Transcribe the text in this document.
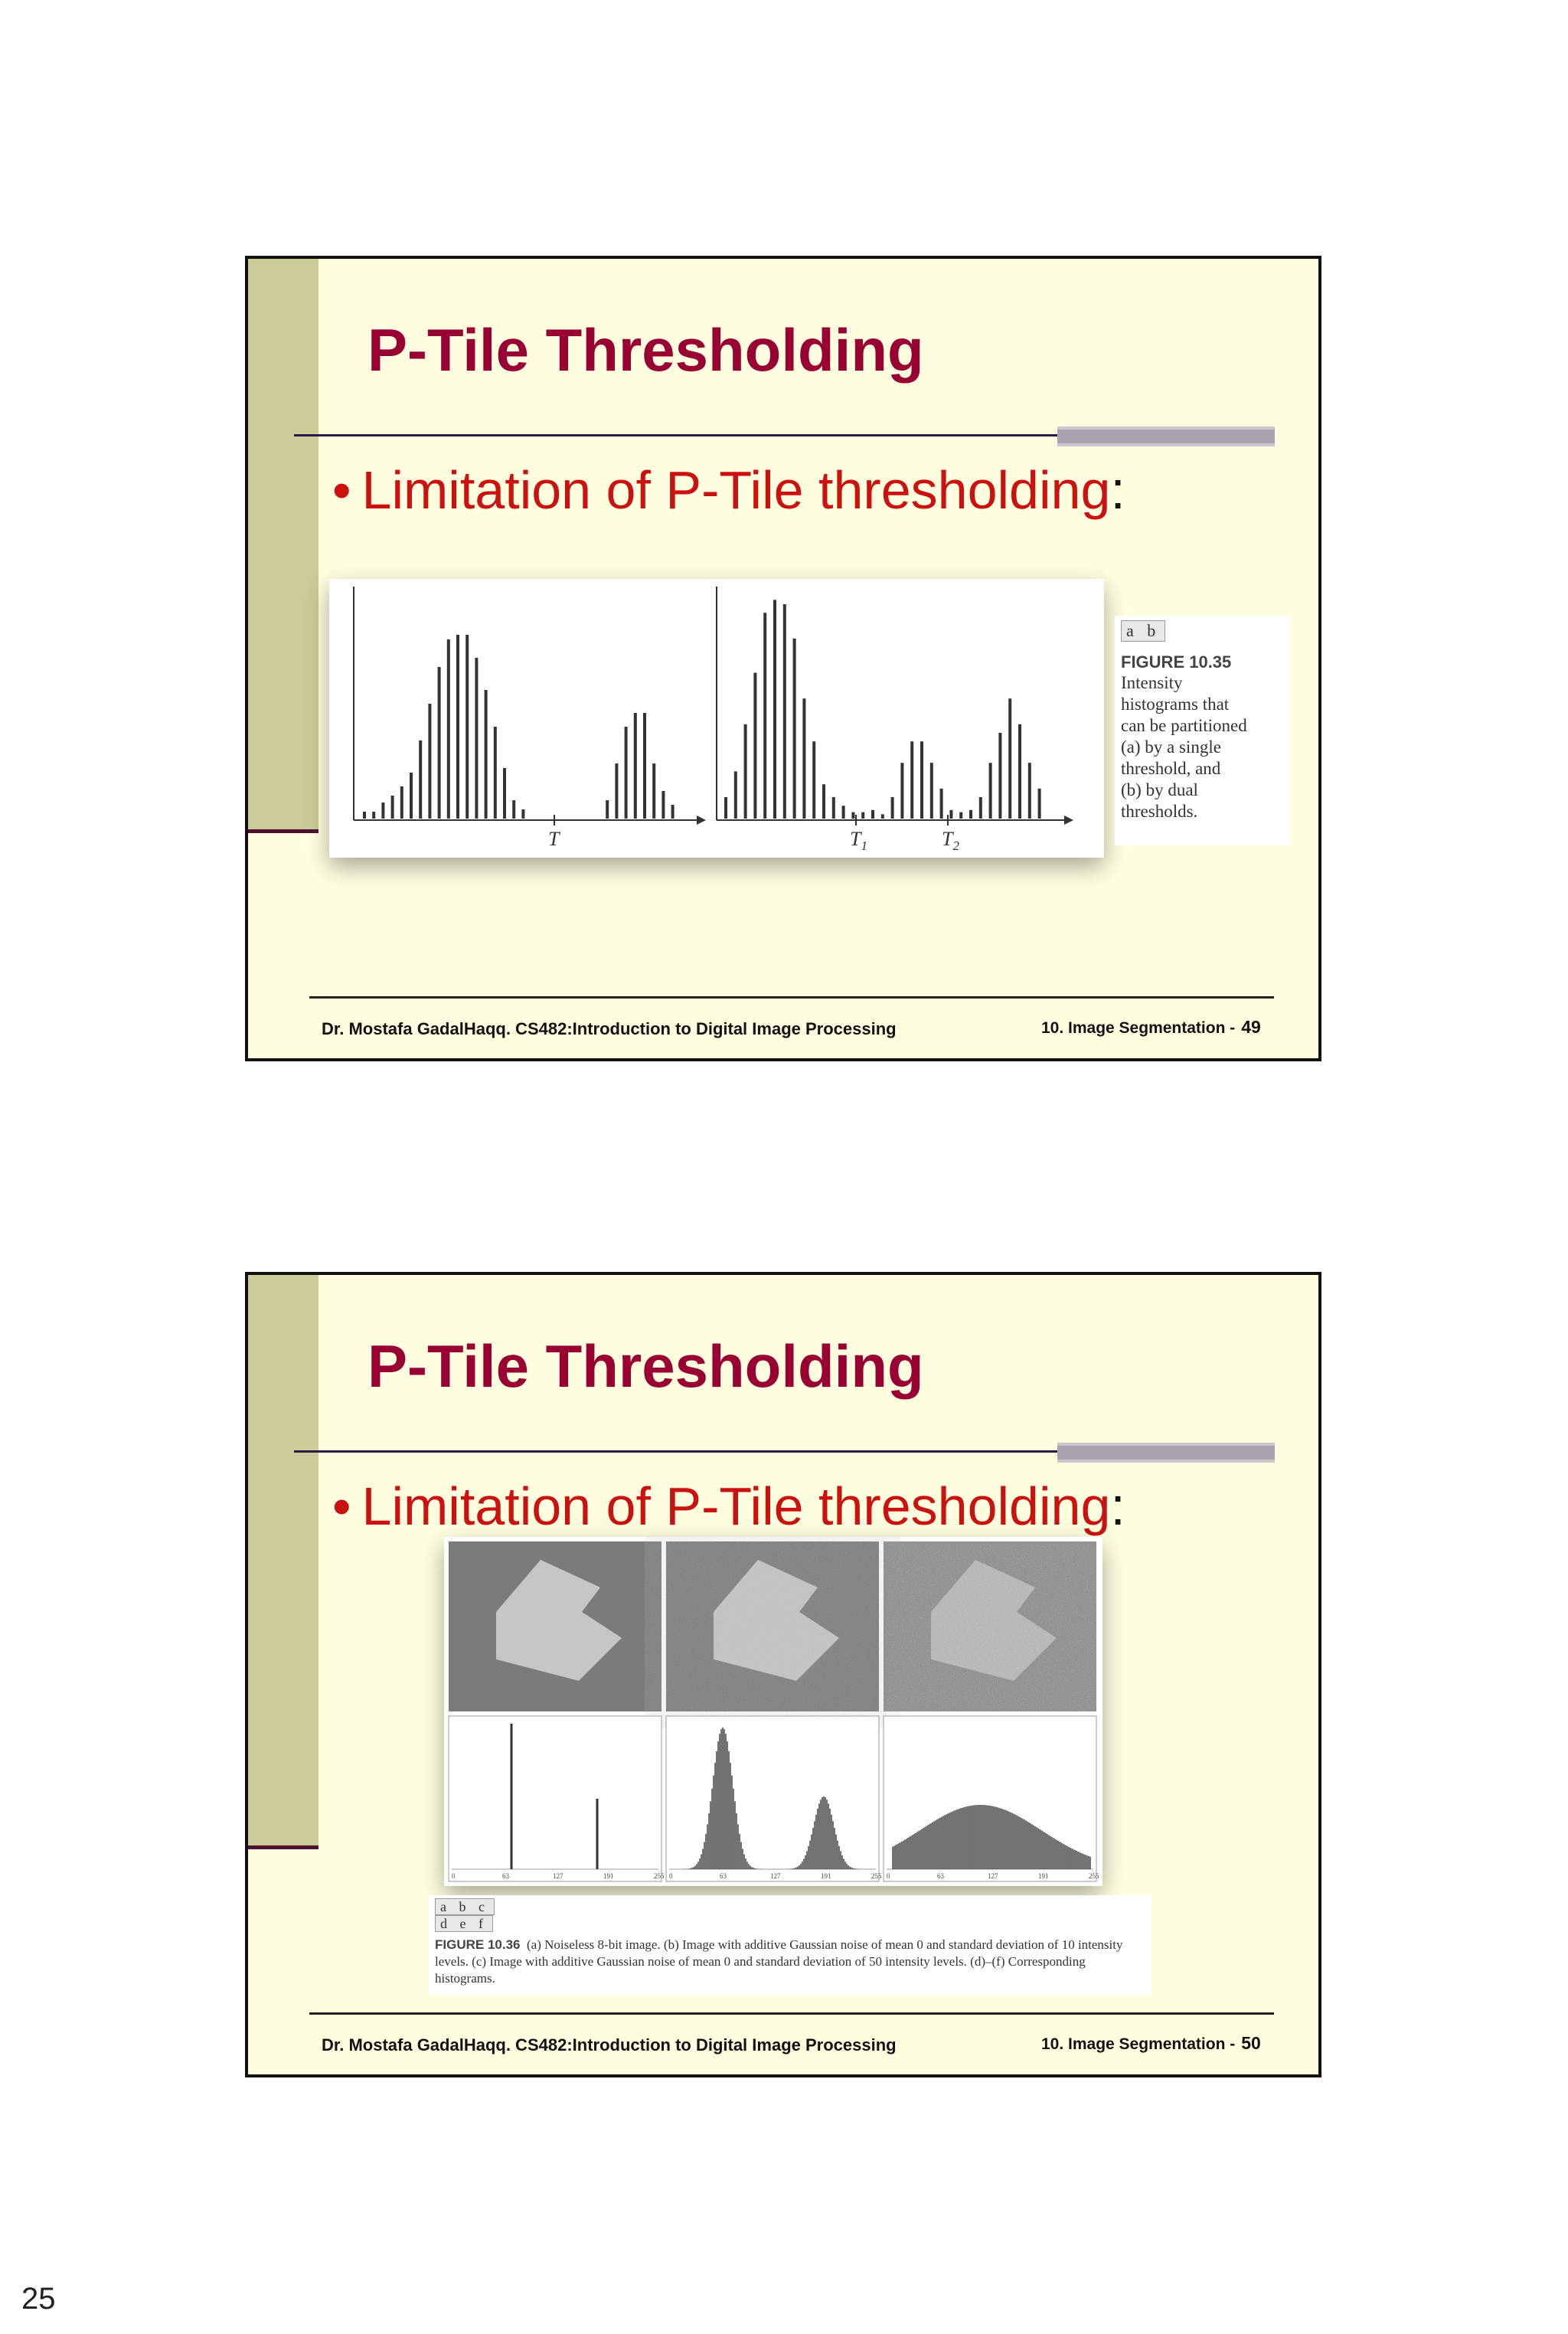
P-Tile Thresholding
• Limitation of P-Tile thresholding:
T	$T_1$	$T_2$
a b
FIGURE 10.35
Intensity
histograms that
can be partitioned
(a) by a single
threshold, and
(b) by dual
thresholds.
Dr. Mostafa GadalHaqq. CS482:Introduction to Digital Image Processing	10. Image Segmentation - 49
P-Tile Thresholding
• Limitation of P-Tile thresholding:
0	63	127	191	255 0	63	127	191	255 0	63	127	191	255
a b c
d e f
FIGURE 10.36 (a) Noiseless 8-bit image. (b) Image with additive Gaussian noise of mean 0 and standard deviation of 10 intensity levels. (c) Image with additive Gaussian noise of mean 0 and standard deviation of 50 intensity levels. (d)–(f) Corresponding histograms.
Dr. Mostafa GadalHaqq. CS482:Introduction to Digital Image Processing	10. Image Segmentation - 50
25
